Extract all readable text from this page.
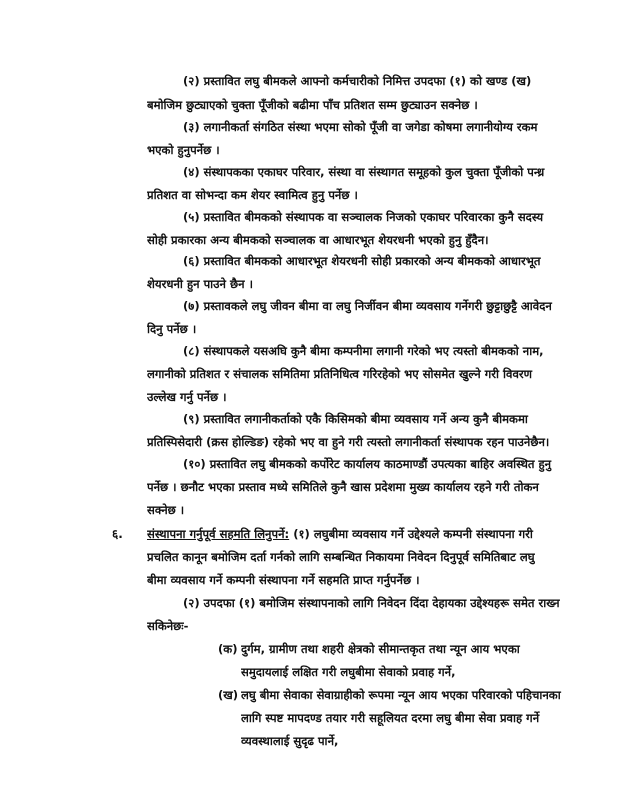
(२) प्रस्तावित लघु बीमकले आफ्नो कर्मचारीको निमित्त उपदफा (१) को खण्ड (ख)
बमोजिम छुट्याएको चुक्ता पूँजीको बढीमा पाँच प्रतिशत सम्म छुट्याउन सक्नेछ ।
(३) लगानीकर्ता संगठित संस्था भएमा सोको पूँजी वा जगेडा कोषमा लगानीयोग्य रकम
भएको हुनुपर्नेछ ।
(४) संस्थापकका एकाघर परिवार, संस्था वा संस्थागत समूहको कुल चुक्ता पूँजीको पन्ध्र
प्रतिशत वा सोभन्दा कम शेयर स्वामित्व हुनु पर्नेछ ।
(५) प्रस्तावित बीमकको संस्थापक वा सञ्चालक निजको एकाघर परिवारका कुनै सदस्य
सोही प्रकारका अन्य बीमकको सञ्चालक वा आधारभूत शेयरधनी भएको हुनु हुँदैन।
(६) प्रस्तावित बीमकको आधारभूत शेयरधनी सोही प्रकारको अन्य बीमकको आधारभूत
शेयरधनी हुन पाउने छैन ।
(७) प्रस्तावकले लघु जीवन बीमा वा लघु निर्जीवन बीमा व्यवसाय गर्नेगरी छुट्टाछुट्टै आवेदन
दिनु पर्नेछ ।
(८) संस्थापकले यसअघि कुनै बीमा कम्पनीमा लगानी गरेको भए त्यस्तो बीमकको नाम,
लगानीको प्रतिशत र संचालक समितिमा प्रतिनिधित्व गरिरहेको भए सोसमेत खुल्ने गरी विवरण
उल्लेख गर्नु पर्नेछ ।
(९) प्रस्तावित लगानीकर्ताको एकै किसिमको बीमा व्यवसाय गर्ने अन्य कुनै बीमकमा
प्रतिस्पिसेदारी (क्रस होल्डिङ) रहेको भए वा हुने गरी त्यस्तो लगानीकर्ता संस्थापक रहन पाउनेछैन।
(१०) प्रस्तावित लघु बीमकको कर्पोरेट कार्यालय काठमाण्डौं उपत्यका बाहिर अवस्थित हुनु
पर्नेछ । छनौट भएका प्रस्ताव मध्ये समितिले कुनै खास प्रदेशमा मुख्य कार्यालय रहने गरी तोकन
सक्नेछ ।
६. संस्थापना गर्नुपूर्व सहमति लिनुपर्ने: (१) लघुबीमा व्यवसाय गर्ने उद्देश्यले कम्पनी संस्थापना गरी
प्रचलित कानून बमोजिम दर्ता गर्नको लागि सम्बन्धित निकायमा निवेदन दिनुपूर्व समितिबाट लघु
बीमा व्यवसाय गर्ने कम्पनी संस्थापना गर्ने सहमति प्राप्त गर्नुपर्नेछ ।
(२) उपदफा (१) बमोजिम संस्थापनाको लागि निवेदन दिंदा देहायका उद्देश्यहरू समेत राख्न
सकिनेछः-
(क) दुर्गम, ग्रामीण तथा शहरी क्षेत्रको सीमान्तकृत तथा न्यून आय भएका
समुदायलाई लक्षित गरी लघुबीमा सेवाको प्रवाह गर्ने,
(ख) लघु बीमा सेवाका सेवाग्राहीको रूपमा न्यून आय भएका परिवारको पहिचानका
लागि स्पष्ट मापदण्ड तयार गरी सहूलियत दरमा लघु बीमा सेवा प्रवाह गर्ने
व्यवस्थालाई सुदृढ पार्ने,
